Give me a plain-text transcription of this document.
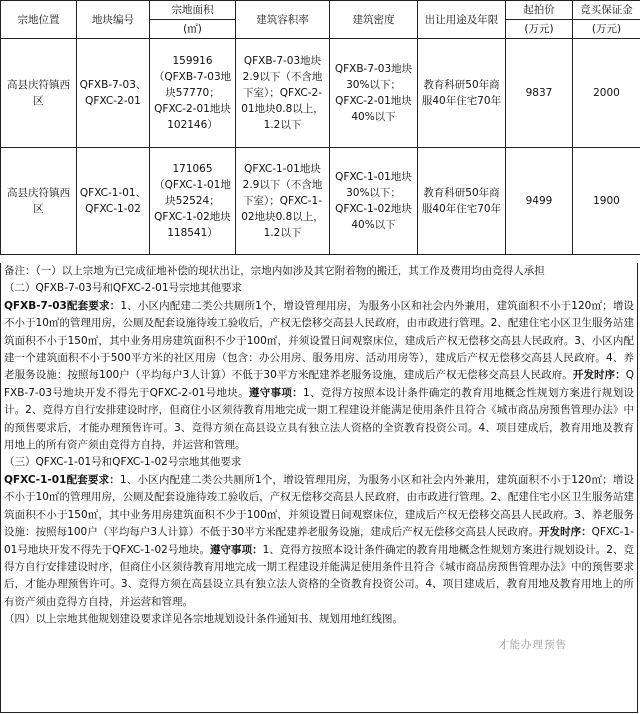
宗地位置	地块编号	宗地面积	建筑容积率	建筑密度	出让用途及年限	起拍价	竞买保证金
		(㎡)				(万元)	(万元)
高县庆符镇西区	QFXB-7-03、QFXC-2-01	159916（QFXB-7-03地块57770；QFXC-2-01地块102146）	QFXB-7-03地块2.9以下（不含地下室）；QFXC-2-01地块0.8以上，1.2以下	QFXB-7-03地块30%以下；QFXC-2-01地块40%以下	教育科研50年商服40年住宅70年	9837	2000
高县庆符镇西区	QFXC-1-01、QFXC-1-02	171065（QFXC-1-01地块52524；QFXC-1-02地块118541）	QFXC-1-01地块2.9以下（不含地下室）；QFXC-1-02地块0.8以上，1.2以下	QFXC-1-01地块30%以下；QFXC-1-02地块40%以下	教育科研50年商服40年住宅70年	9499	1900

备注：（一）以上宗地为已完成征地补偿的现状出让，宗地内如涉及其它附着物的搬迁，其工作及费用均由竞得人承担

（二）QFXB-7-03号和QFXC-2-01号宗地其他要求

QFXB-7-03配套要求：1、小区内配建二类公共厕所1个，增设管理用房，为服务小区和社会内外兼用，建筑面积不小于120㎡；增设不小于10㎡的管理用房，公厕及配套设施待竣工验收后，产权无偿移交高县人民政府，由市政进行管理。2、配建住宅小区卫生服务站建筑面积不小于150㎡，其中业务用房建筑面积不少于100㎡，并须设置日间观察床位，建成后产权无偿移交高县人民政府。3、小区内配建一个建筑面积不小于500平方米的社区用房（包含：办公用房、服务用房、活动用房等），建成后产权无偿移交高县人民政府。4、养老服务设施：按照每100户（平均每户3人计算）不低于30平方米配建养老服务设施，建成后产权无偿移交高县人民政府。开发时序：QFXB-7-03号地块开发不得先于QFXC-2-01号地块。遵守事项：1、竞得方按照本设计条件确定的教育用地概念性规划方案进行规划设计。2、竞得方自行安排建设时序，但商住小区须待教育用地完成一期工程建设并能满足使用条件且符合《城市商品房预售管理办法》中的预售要求后，才能办理预售许可。3、竞得方须在高县设立具有独立法人资格的全资教育投资公司。4、项目建成后，教育用地及教育用地上的所有资产须由竞得方自持，并运营和管理。

（三）QFXC-1-01号和QFXC-1-02号宗地其他要求

QFXC-1-01配套要求：1、小区内配建二类公共厕所1个，增设管理用房，为服务小区和社会内外兼用，建筑面积不小于120㎡；增设不小于10㎡的管理用房，公厕及配套设施待竣工验收后，产权无偿移交高县人民政府，由市政进行管理。2、配建住宅小区卫生服务站建筑面积不小于150㎡，其中业务用房建筑面积不少于100㎡，并须设置日间观察床位，建成后产权无偿移交高县人民政府。3、养老服务设施：按照每100户（平均每户3人计算）不低于30平方米配建养老服务设施，建成后产权无偿移交高县人民政府。开发时序：QFXC-1-01号地块开发不得先于QFXC-1-02号地块。遵守事项：1、竞得方按照本设计条件确定的教育用地概念性规划方案进行规划设计。2、竞得方自行安排建设时序，但商住小区须待教育用地完成一期工程建设并能满足使用条件且符合《城市商品房预售管理办法》中的预售要求后，才能办理预售许可。3、竞得方须在高县设立具有独立法人资格的全资教育投资公司。4、项目建成后，教育用地及教育用地上的所有资产须由竞得方自持，并运营和管理。

（四）以上宗地其他规划建设要求详见各宗地规划设计条件通知书、规划用地红线图。

才能办理预售
